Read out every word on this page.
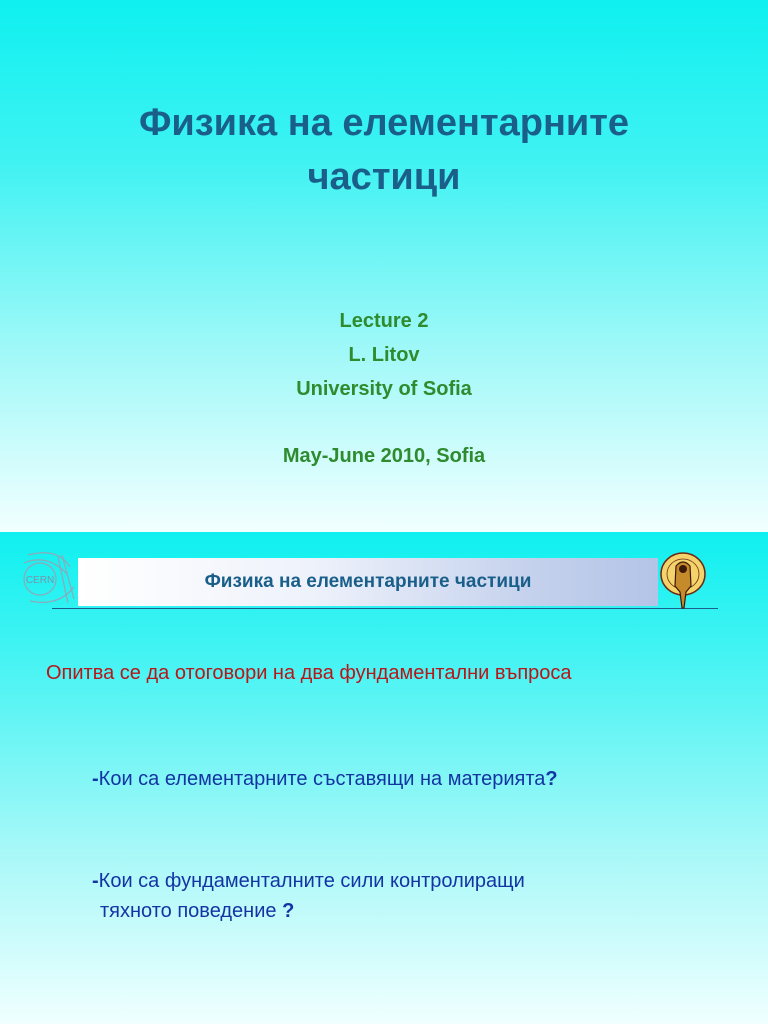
Физика на елементарните
частици
Lecture 2
L. Litov
University of Sofia
May-June 2010, Sofia
CERN	Физика на елементарните частици
Опитва се да отоговори на два фундаментални въпроса
-Кои са елементарните съставящи на материята?
-Кои са фундаменталните сили контролиращи
тяхното поведение ?
